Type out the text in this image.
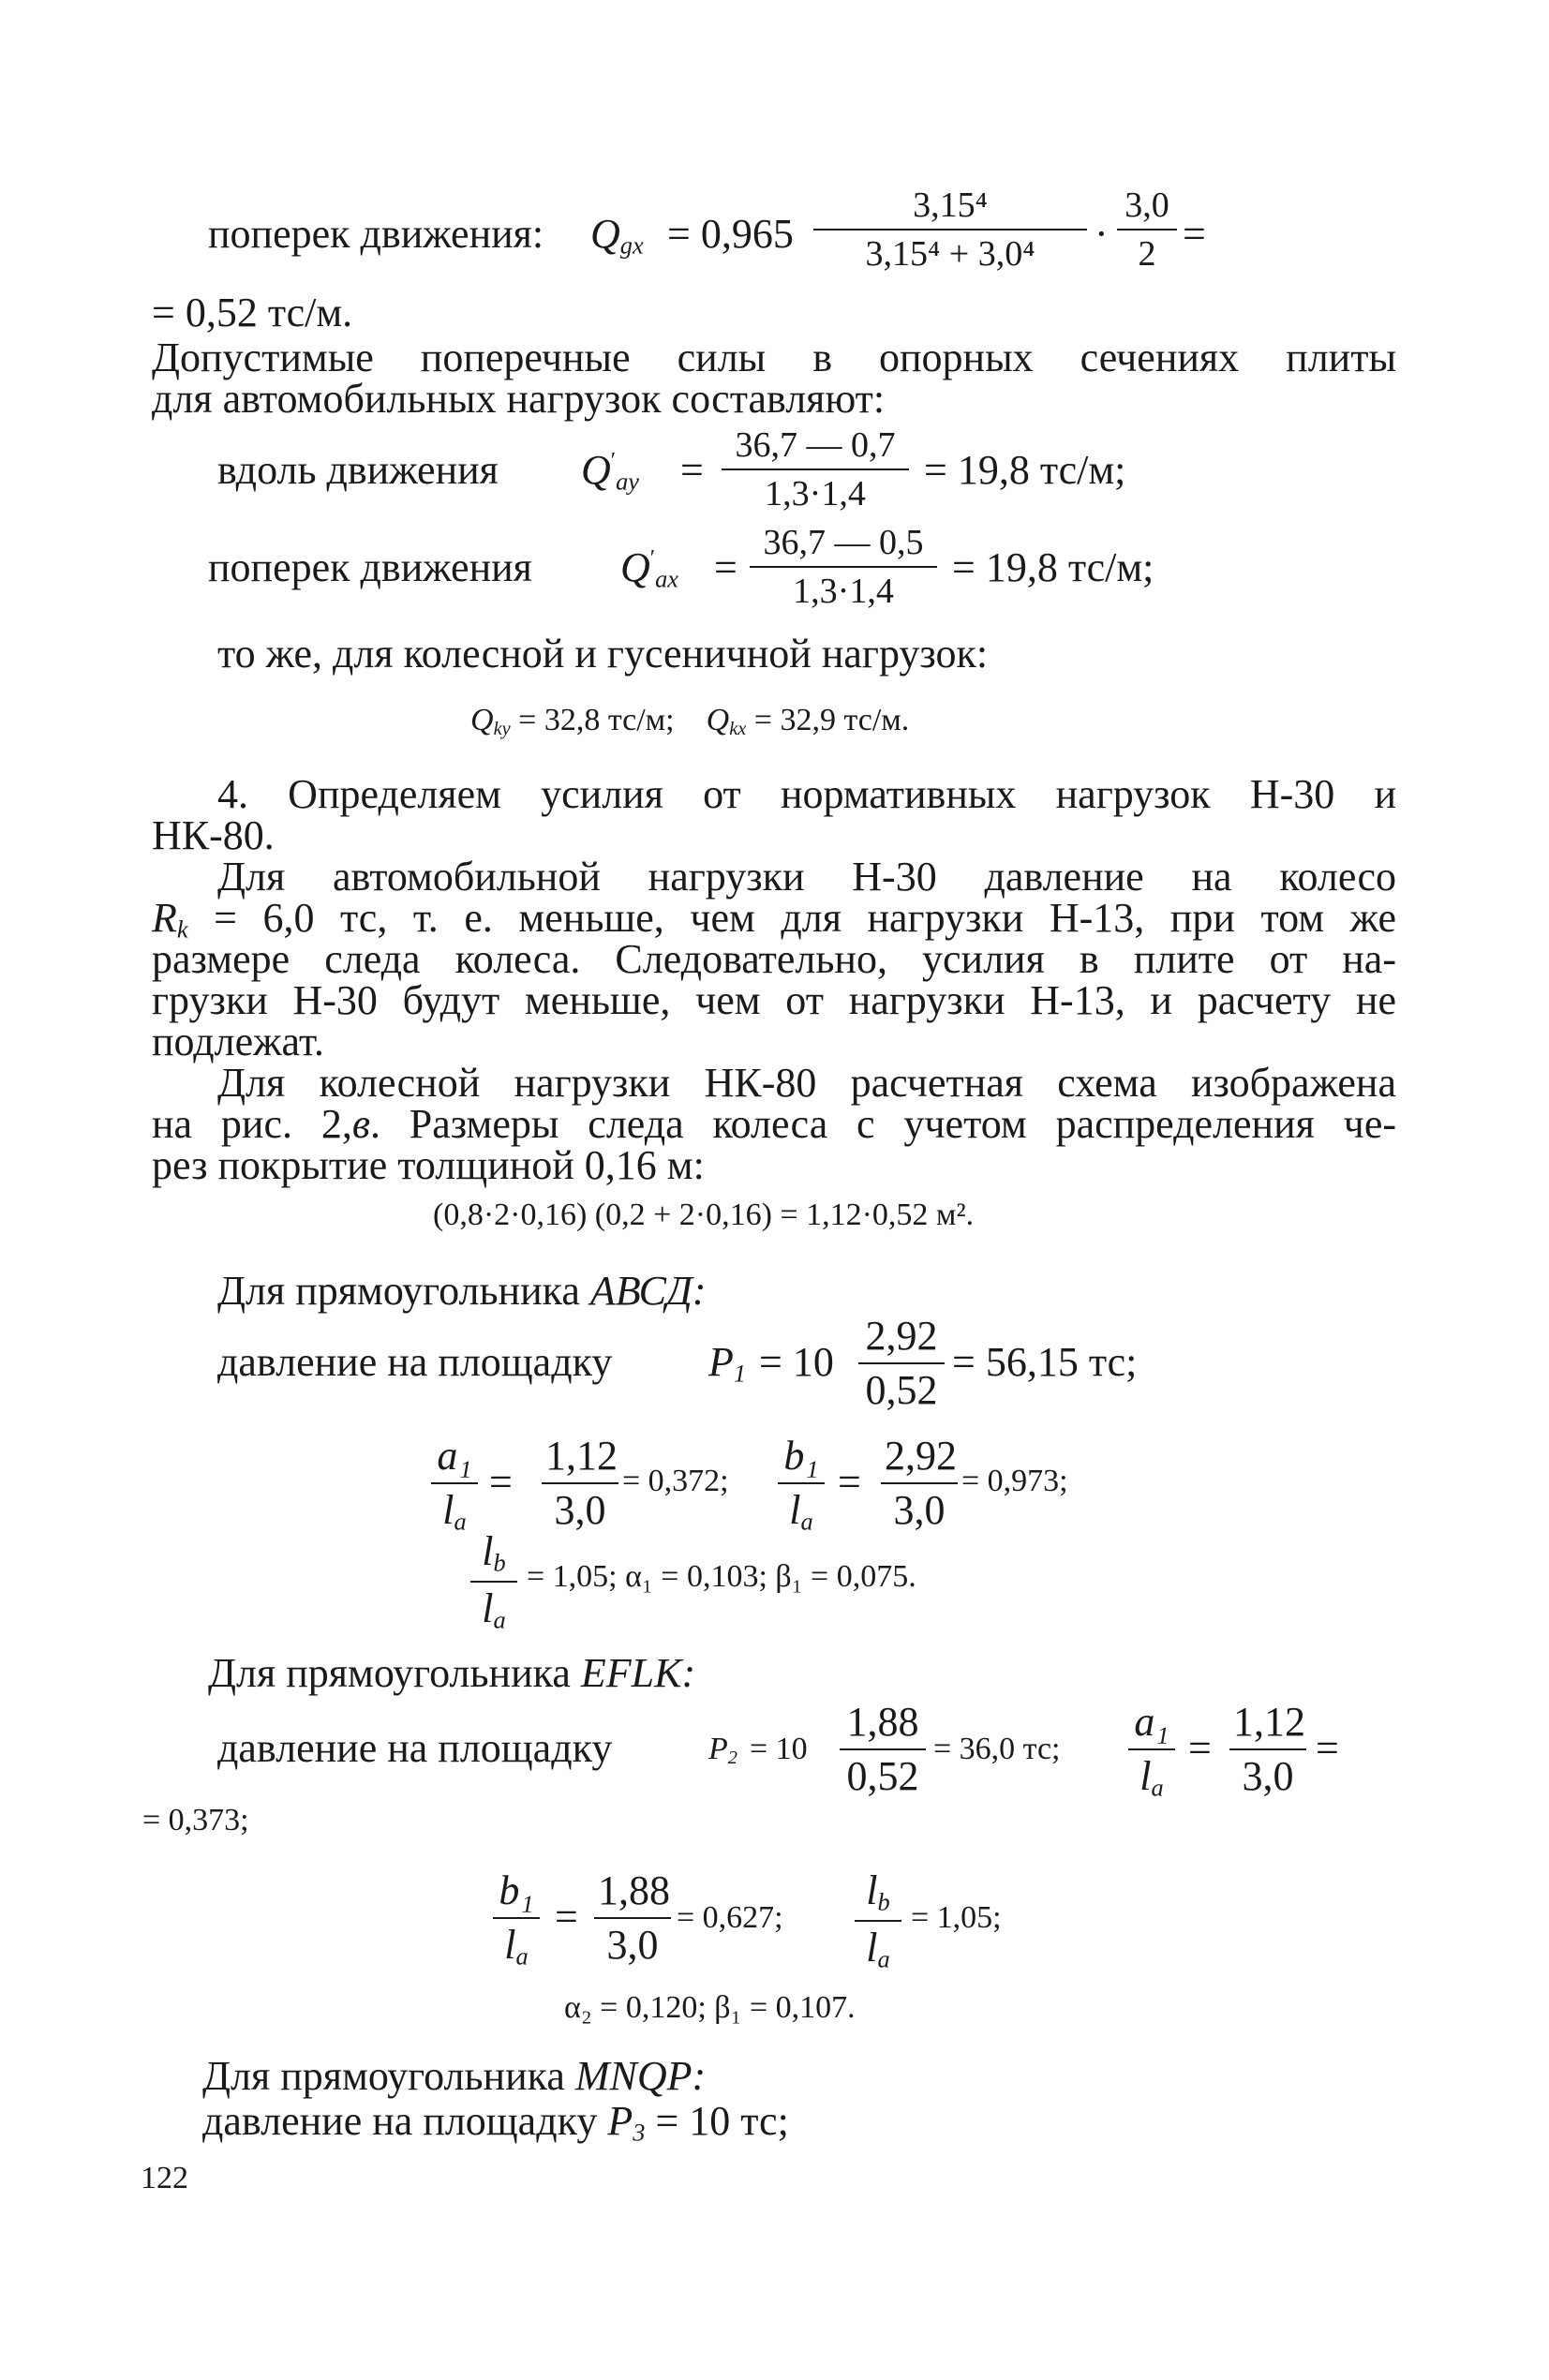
поперек движения: $Q_{gx} = 0,965$
3,15⁴
3,15⁴ + 3,0⁴	·
3,0
2 =
= 0,52 тс/м.
Допустимые поперечные силы в опорных сечениях плиты
для автомобильных нагрузок составляют:
вдоль движения $Q'_{ay}$ =
36,7 — 0,7
1,3·1,4
= 19,8 тс/м;
поперек движения $Q'_{ax}$ =
36,7 — 0,5
1,3·1,4
= 19,8 тс/м;
то же, для колесной и гусеничной нагрузок:
$Q_{ky} = 32,8$ тс/м; $Q_{kx} = 32,9$ тс/м.
4. Определяем усилия от нормативных нагрузок Н-30 и
НК-80.
Для автомобильной нагрузки Н-30 давление на колесо
$R_k = 6,0$ тс, т. е. меньше, чем для нагрузки Н-13, при том же
размере следа колеса. Следовательно, усилия в плите от на-
грузки Н-30 будут меньше, чем от нагрузки Н-13, и расчету не
подлежат.
Для колесной нагрузки НК-80 расчетная схема изображена
на рис. 2,в. Размеры следа колеса с учетом распределения че-
рез покрытие толщиной 0,16 м:
(0,8·2·0,16) (0,2 + 2·0,16) = 1,12·0,52 м².
Для прямоугольника АВСД:
давление на площадку $P_1 = 10$
2,92
0,52
= 56,15 тс;
a₁
$l_a$
=
1,12
3,0
= 0,372;
b₁
$l_a$
=
2,92
3,0
= 0,973;
$l_b$
$l_a$
= 1,05; α₁ = 0,103; β₁ = 0,075.
Для прямоугольника EFLK:
давление на площадку	$P_2 = 10$
1,88
0,52
= 36,0 тс;
a₁
$l_a$
=
1,12
3,0
=
= 0,373;
b₁
$l_a$
=
1,88
3,0
= 0,627;
$l_b$
$l_a$
= 1,05;
α₂ = 0,120; β₁ = 0,107.
Для прямоугольника MNQP:
давление на площадку $P_3 = 10$ тс;
122
